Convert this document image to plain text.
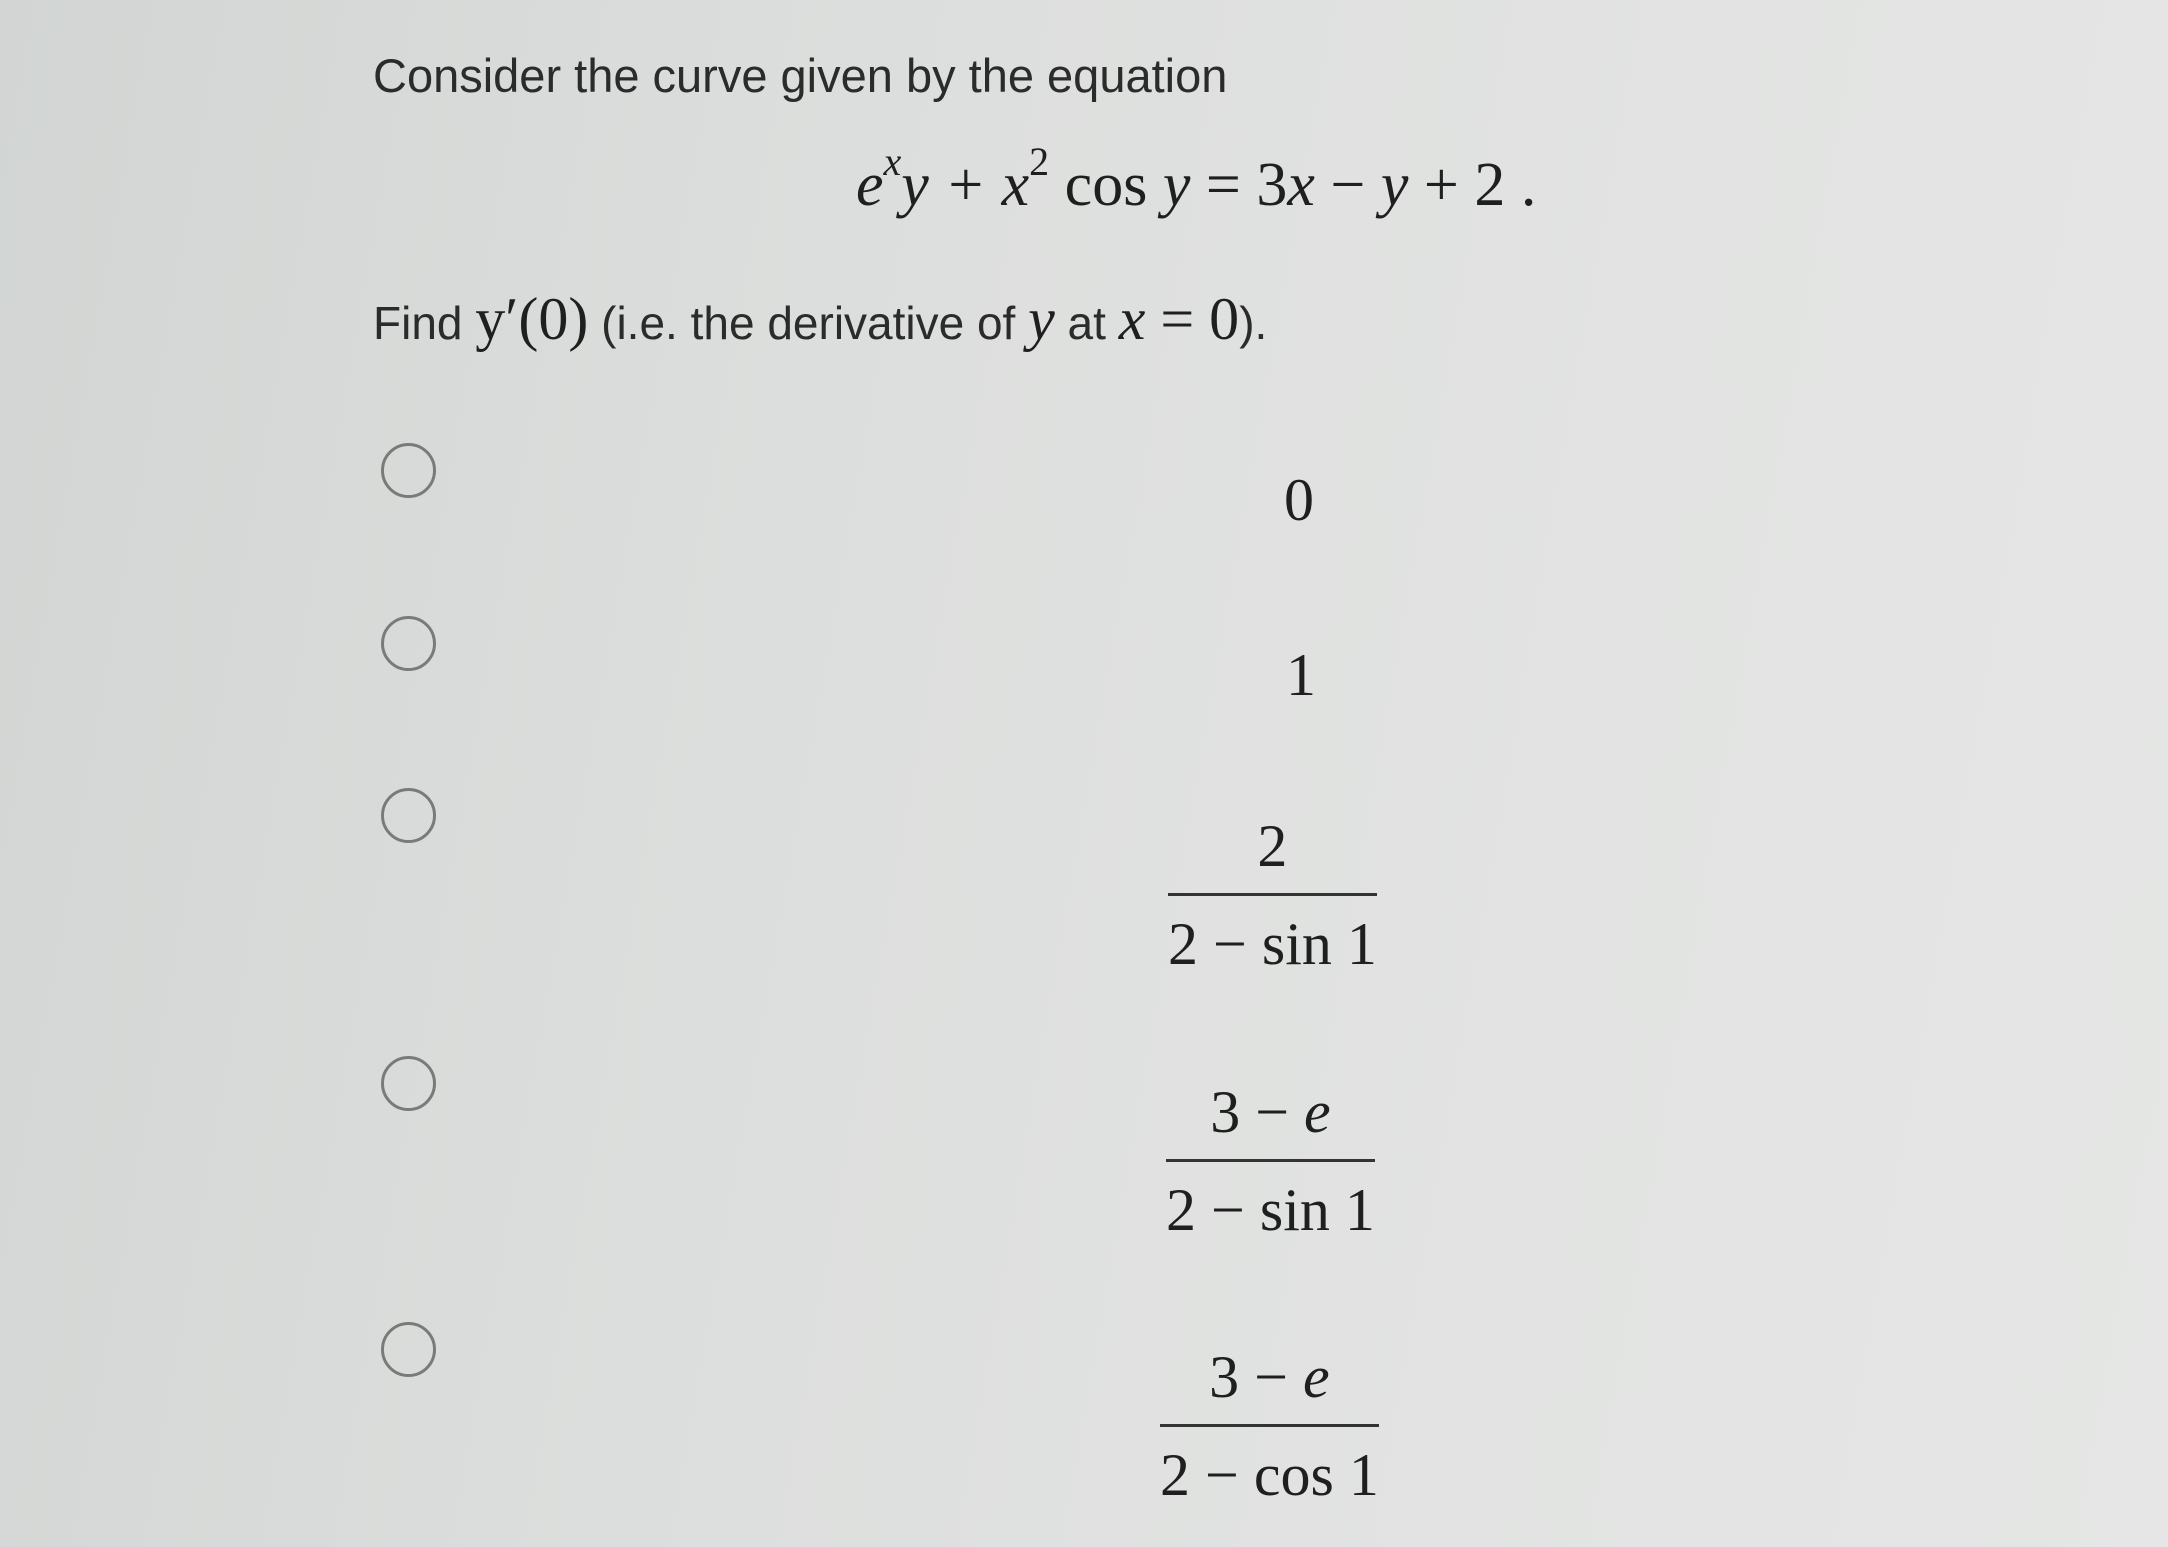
Consider the curve given by the equation
$e^xy + x^2$ cos y = 3x − y + 2 .
Find y′(0) (i.e. the derivative of y at x = 0).
0
1
2
2 − sin 1
3 − e
2 − sin 1
3 − e
2 − cos 1
